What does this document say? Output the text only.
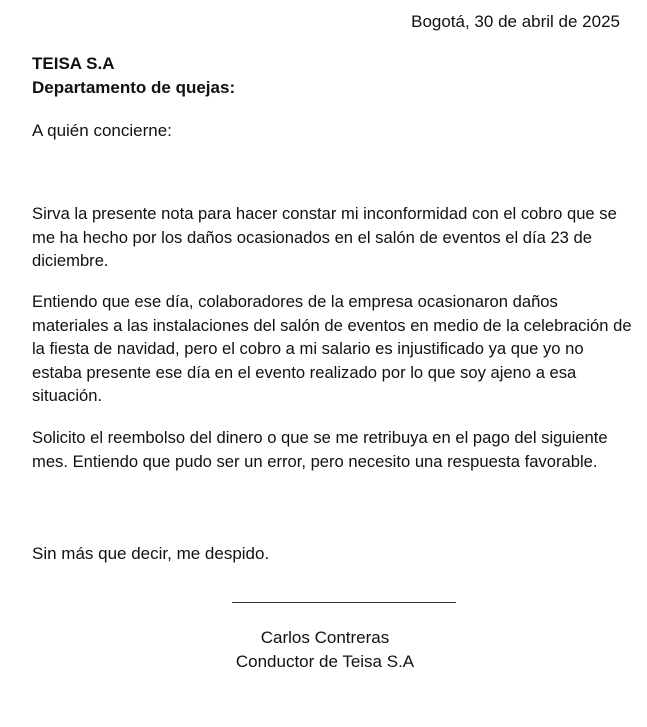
Bogotá, 30 de abril de 2025
TEISA S.A
Departamento de quejas:
A quién concierne:

Sirva la presente nota para hacer constar mi inconformidad con el cobro que se me ha hecho por los daños ocasionados en el salón de eventos el día 23 de diciembre.

Entiendo que ese día, colaboradores de la empresa ocasionaron daños materiales a las instalaciones del salón de eventos en medio de la celebración de la fiesta de navidad, pero el cobro a mi salario es injustificado ya que yo no estaba presente ese día en el evento realizado por lo que soy ajeno a esa situación.

Solicito el reembolso del dinero o que se me retribuya en el pago del siguiente mes. Entiendo que pudo ser un error, pero necesito una respuesta favorable.

Sin más que decir, me despido.
Carlos Contreras
Conductor de Teisa S.A
